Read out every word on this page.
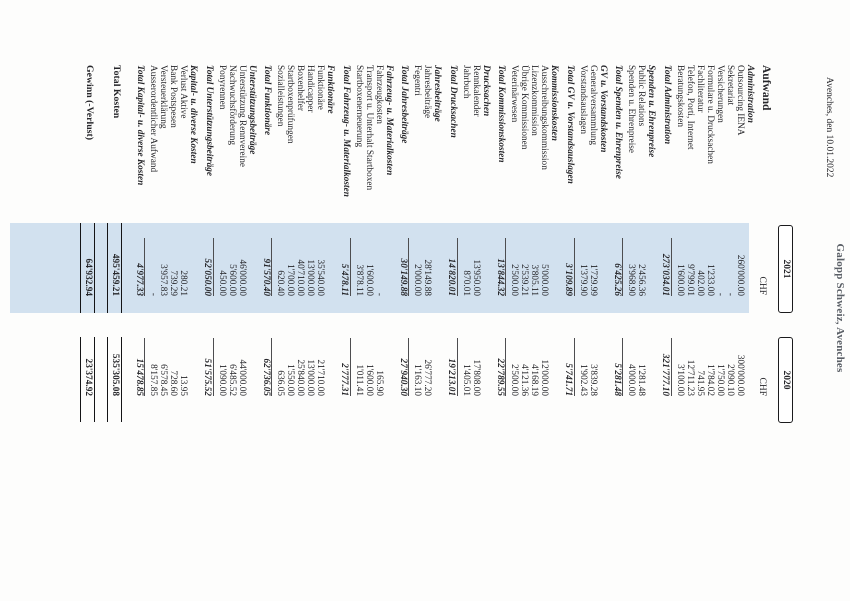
Galopp Schweiz, Avenches
2021
2020
CHF
CHF
Aufwand
Administration
Outsourcing IENA
260'000.00
300'000.00
Sekretariat
-
2'090.10
Versicherungen
-
1'750.00
Formulare u. Drucksachen
1'233.00
1'784.02
Fachliteratur
402.00
741.95
Telefon, Porti, Internet
9'799.01
12'711.23
Beratungskosten
1'600.00
3'100.00
Total Administration
273'034.01
321'777.10
Spenden u. Ehrenpreise
Public Relations
2'456.36
1'281.48
Spenden u. Ehrenpreise
3'968.90
4'000.00
Total Spenden u. Ehrenpreise
6'425.26
5'281.48
GV u. Vorstandskosten
Generalversammlung
1'729.99
3'839.28
Vorstandsauslagen
1'379.90
1'902.43
Total GV u. Vorstandsauslagen
3'109.89
5'741.71
Kommissionskosten
Ausschreibungskommission
5'000.00
12'000.00
Lizenzkommission
3'805.11
4'168.19
Übrige Kommissionen
2'539.21
4'121.36
Veterinärwesen
2'500.00
2'500.00
Total Kommissionskosten
13'844.32
22'789.55
Drucksachen
Rennkalender
13'950.00
17'808.00
Jahrbuch
870.01
1'405.01
Total Drucksachen
14'820.01
19'213.01
Jahresbeiträge
Jahresbeiträge
28'149.88
26'777.20
Fegentri
2'000.00
1'163.10
Total Jahresbeiträge
30'149.88
27'940.30
Fahrzeug- u. Materialkosten
Fahrzeugkosten
-
165.90
Transport u. Unterhalt Startboxen
1'600.00
1'600.00
Startboxenerneuerung
3'878.11
1'011.41
Total Fahrzeug- u. Materialkosten
5'478.11
2'777.31
Funktionäre
Funktionäre
35'540.00
21'710.00
Handicapper
13'000.00
13'000.00
Boxenhelfer
40'710.00
25'840.00
Startboxenprüfungen
1'700.00
1'550.00
Sozialleistungen
620.40
636.05
Total Funktionäre
91'570.40
62'736.05
Unterstützungsbeiträge
Unterstützung Rennvereine
46'000.00
44'000.00
Nachwuchsförderung
5'600.00
6'485.52
Ponyrennen
450.00
1'090.00
Total Unterstützungsbeiträge
52'050.00
51'575.52
Kapital- u. diverse Kosten
Verlust Aktive
280.21
13.95
Bank Postspesen
739.29
728.60
Versteuerklärung
3'957.83
6'578.45
Ausserordentlicher Aufwand
-
8'157.85
Total Kapital- u. diverse Kosten
4'977.33
15'478.85
Total Kosten
495'459.21
535'305.08
Gewinn (-Verlust)
64'932.94
23'374.92
Avenches, den 10.01.2022
